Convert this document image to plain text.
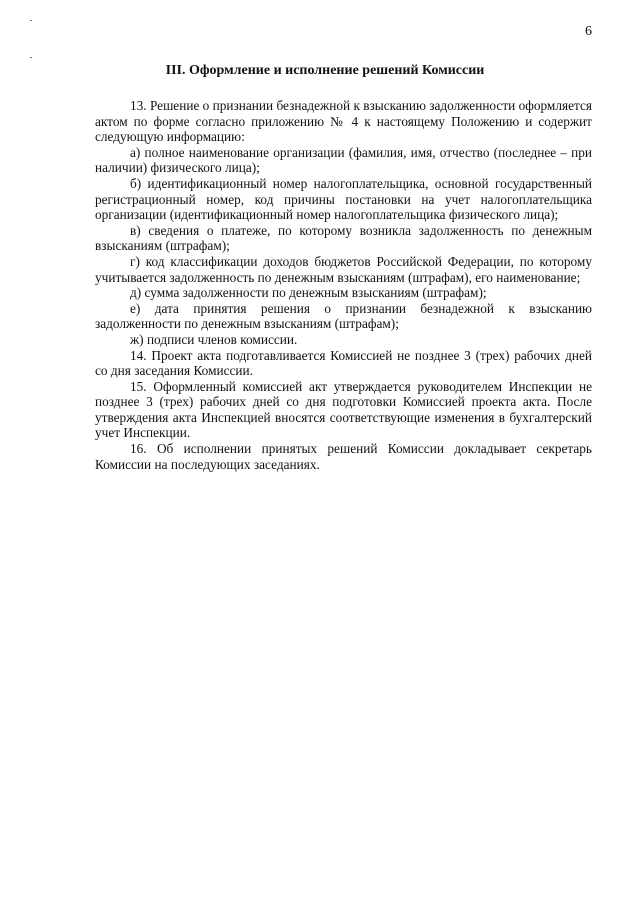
6
III. Оформление и исполнение решений Комиссии

13. Решение о признании безнадежной к взысканию задолженности оформляется актом по форме согласно приложению № 4 к настоящему Положению и содержит следующую информацию:

а) полное наименование организации (фамилия, имя, отчество (последнее – при наличии) физического лица);

б) идентификационный номер налогоплательщика, основной государственный регистрационный номер, код причины постановки на учет налогоплательщика организации (идентификационный номер налогоплательщика физического лица);

в) сведения о платеже, по которому возникла задолженность по денежным взысканиям (штрафам);

г) код классификации доходов бюджетов Российской Федерации, по которому учитывается задолженность по денежным взысканиям (штрафам), его наименование;

д) сумма задолженности по денежным взысканиям (штрафам);

е) дата принятия решения о признании безнадежной к взысканию задолженности по денежным взысканиям (штрафам);

ж) подписи членов комиссии.

14. Проект акта подготавливается Комиссией не позднее 3 (трех) рабочих дней со дня заседания Комиссии.

15. Оформленный комиссией акт утверждается руководителем Инспекции не позднее 3 (трех) рабочих дней со дня подготовки Комиссией проекта акта. После утверждения акта Инспекцией вносятся соответствующие изменения в бухгалтерский учет Инспекции.

16. Об исполнении принятых решений Комиссии докладывает секретарь Комиссии на последующих заседаниях.
